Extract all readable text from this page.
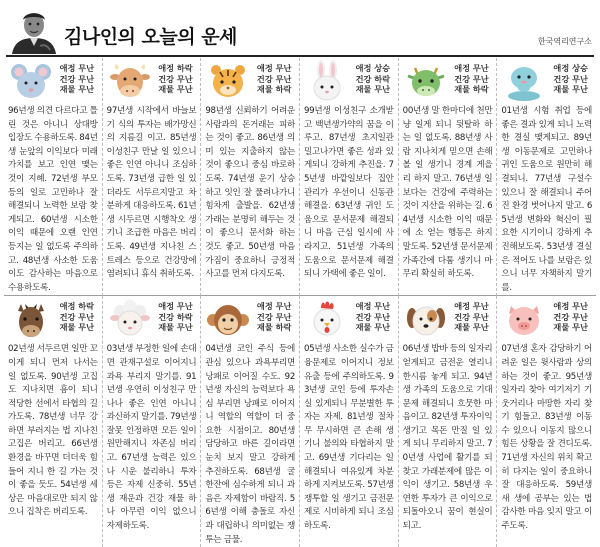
김나인의 오늘의 운세	한국역리연구소
애정 무난
건강 무난
재물 무난
96년생 의견 다르다고 틀린 것은 아니니 상대방 입장도 수용하도록. 84년생 눈앞의 이익보다 미래 가치를 보고 인연 맺는 것이 지혜. 72년생 부모 등의 일로 고민하나 잘 해결되니 노력한 보람 찾게되고. 60년생 시소한 이익 때문에 오랜 인연 등지는 일 없도록 주의하고. 48년생 사소한 도움이도 감사하는 마음으로 수용하도록.
애정 하락
건강 무난
재물 무난
97년생 시작에서 바늘보기 식의 투자는 배가망신의 지름길 이고. 85년생 이성친구 만날 일 있으니 좋은 인연 아니니 조심하도록. 73년생 급한 일 있더라도 서두르지말고 차분하게 대응하도록. 61년생 시두르면 시행착오 생기니 조급한 마음은 버리도록. 49년생 지나친 스트레스 등으로 건강망에 염려되니 휴식 취하도록.
애정 무난
건강 무난
재물 하락
98년생 신뢰하기 어려운 사람과의 돈거래는 피하는 것이 좋고. 86년생 의미 있는 지출하지 않는 것이 좋으니 중심 바로하도록. 74년생 운기 상승하고 잇인 잘 풀려나가니 힘차게 출발을. 62년생 가래는 분명히 해두는 것이 좋으니 문서화 하는 것도 좋고. 50년생 마음가짐이 중요하니 긍정적 사고를 먼저 다지도록.
애정 상승
건강 하락
재물 무난
99년생 이성친구 소개받고 백년생가약의 꿈을 이루고. 87년생 초지일관 밀고나가면 좋은 성과 있게되니 강하게 추진을. 75년생 바깥일보다 집안 관리가 우선이니 신동관 해결을. 63년생 귀인 도움으로 문서문제 해결되니 마음 근심 일시에 사라지고. 51년생 가족의 도움으로 문서문제 해결되니 가택에 좋은 일이.
애정 무난
건강 무난
재물 하락
00년생 말 한마디에 천만냥 일게 되니 뒷탈하 하는 일 없도록. 88년생 사람 지나치게 믿으면 손해 볼 일 생기니 경계 게을리 하지 말고. 76년생 일보다는 건강에 주력하는 것이 지산을 위하는 길. 64년생 시소한 이익 때문에 소 얻는 행동은 하지 말도록. 52년생 문서문제 가족간에 다툼 생기니 마무리 확실히 하도록.
애정 상승
건강 무난
재물 무난
01년생 시험 취업 등에 좋은 결과 있게 되니 노력한 결실 맺게되고. 89년생 이동문제로 고민하나 귀인 도움으로 원만히 해결되니. 77년생 구설수 있으니 잘 해결되니 주어진 환경 벗어나지 말고. 65년생 변화와 혁신이 필요한 시기이니 강하게 추진해보도록. 53년생 결실은 적어도 나를 보람은 있으니 너무 자책하지 말기를.
애정 하락
건강 무난
재물 무난
02년생 서두르면 일만 꼬이게 되니 먼저 나서는 일 없도록. 90년생 고집도 지나치면 흠이 되니 적당한 선에서 타협의 길 가도록. 78년생 너무 강하면 부러지는 법 지나친 고집은 버리고. 66년생 환경을 바꾸면 더더욱 힘들어 지니 한 길 가는 것이 좋을 듯도. 54년생 세상은 마음대로만 되지 않으니 집착은 버리도록.
애정 무난
건강 하락
재물 무난
03년생 부정한 일에 손대면 관재구설로 이어지니 과욕 부리지 말기를. 91년생 우연히 이성친구 만나나 좋은 인연 아니니 과신하지 말기를. 79년생 잘못 인정하면 모든 일이 원만해지니 자존심 버리고. 67년생 능력은 있으나 시운 불리하니 투자 등은 자제 신중히. 55년생 재운과 건강 재물 하나 아무런 이익 없으니 자제하도록.
애정 무난
건강 무난
재물 하락
04년생 코인 주식 등에 관심 있으나 과욕부리면 낭패로 이어질 수도. 92년생 자신의 능력보다 욕심 부리면 낭패로 이어지니 역할의 역할이 더 중요한 시점이고. 80년생 담당하고 바른 길이라면 눈치 보지 말고 강하게 추진하도록. 68년생 굴 한잔에 심수하게 되니 과음은 자제함이 바람직. 56년생 이해 충돌로 자신과 대립하니 의미없는 쟁투는 금물.
애정 무난
건강 무난
재물 무난
05년생 사소한 실수가 금융문제로 이어지니 정보 유출 등에 주의하도록. 93년생 코인 등에 투자손실 있게되니 무분별한 투자는 자제. 81년생 절차무 무시하면 큰 손해 생기니 불의와 타협하지 말고. 69년생 기다리는 일 해결되니 여유있게 차분하게 지켜보도록. 57년생 쟁투할 일 생기고 금전문제로 시비하게 되니 조심하도록.
애정 무난
건강 무난
재물 무난
06년생 밥바 등의 일자리 얻게되고 금전운 열리니 한시름 놓게 되고. 94년생 가족의 도움으로 기대문제 해결되니 흐뭇한 마음이고. 82년생 투자이익 생기고 목돈 만질 일 있게 되니 무리하지 말고. 70년생 사업에 활기를 되찾고 가래분제에 많은 이익이 생기고. 58년생 우연한 투자가 큰 이익으로 되돌아오니 꿈이 현실이 되고.
애정 무난
건강 무난
재물 무난
07년생 혼자 감당하기 어려운 일은 윗사람과 상의하는 것이 좋고. 95년생 일자리 찾아 여기저기 기웃거리나 마땅한 자리 찾기 힘들고. 83년생 이동수 있으니 이동지 많으니 힘든 상황을 잘 견디도록. 71년생 자신의 위치 확고히 다지는 일이 중요하니 잘 대응하도록. 59년생 새 생에 공부는 있는 법 감사한 마음 잊지 말고 이 주도록.
